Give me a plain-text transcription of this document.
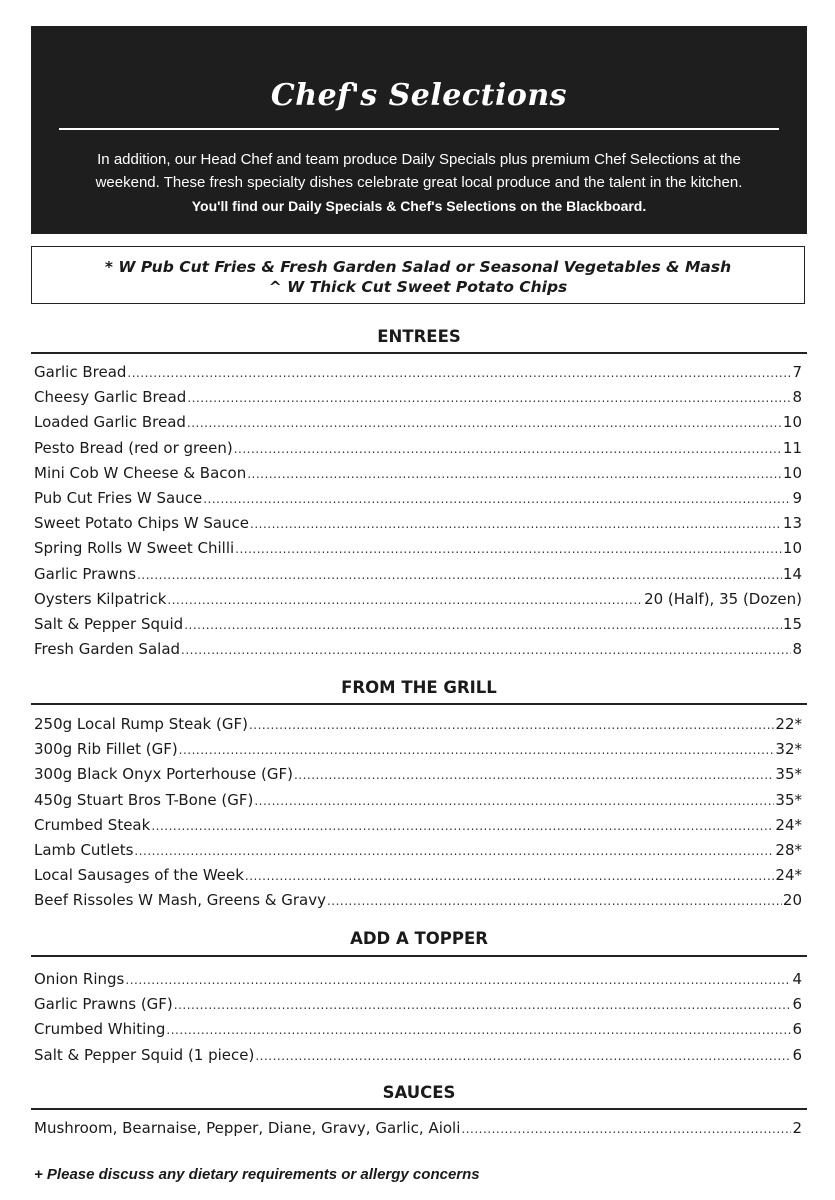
Chef's Selections
In addition, our Head Chef and team produce Daily Specials plus premium Chef Selections at the
weekend. These fresh specialty dishes celebrate great local produce and the talent in the kitchen.
You'll find our Daily Specials & Chef's Selections on the Blackboard.
* W Pub Cut Fries & Fresh Garden Salad or Seasonal Vegetables & Mash
^ W Thick Cut Sweet Potato Chips
ENTREES
Garlic Bread .....	7
Cheesy Garlic Bread .....	8
Loaded Garlic Bread .....	10
Pesto Bread (red or green) .....	11
Mini Cob W Cheese & Bacon .....	10
Pub Cut Fries W Sauce .....	9
Sweet Potato Chips W Sauce .....	13
Spring Rolls W Sweet Chilli .....	10
Garlic Prawns .....	14
Oysters Kilpatrick .....	20 (Half), 35 (Dozen)
Salt & Pepper Squid .....	15
Fresh Garden Salad .....	8
FROM THE GRILL
250g Local Rump Steak (GF) .....	22*
300g Rib Fillet (GF) .....	32*
300g Black Onyx Porterhouse (GF) .....	35*
450g Stuart Bros T-Bone (GF) .....	35*
Crumbed Steak .....	24*
Lamb Cutlets .....	28*
Local Sausages of the Week .....	24*
Beef Rissoles W Mash, Greens & Gravy .....	20
ADD A TOPPER
Onion Rings .....	4
Garlic Prawns (GF) .....	6
Crumbed Whiting .....	6
Salt & Pepper Squid (1 piece) .....	6
SAUCES
Mushroom, Bearnaise, Pepper, Diane, Gravy, Garlic, Aioli .....	2
+ Please discuss any dietary requirements or allergy concerns
